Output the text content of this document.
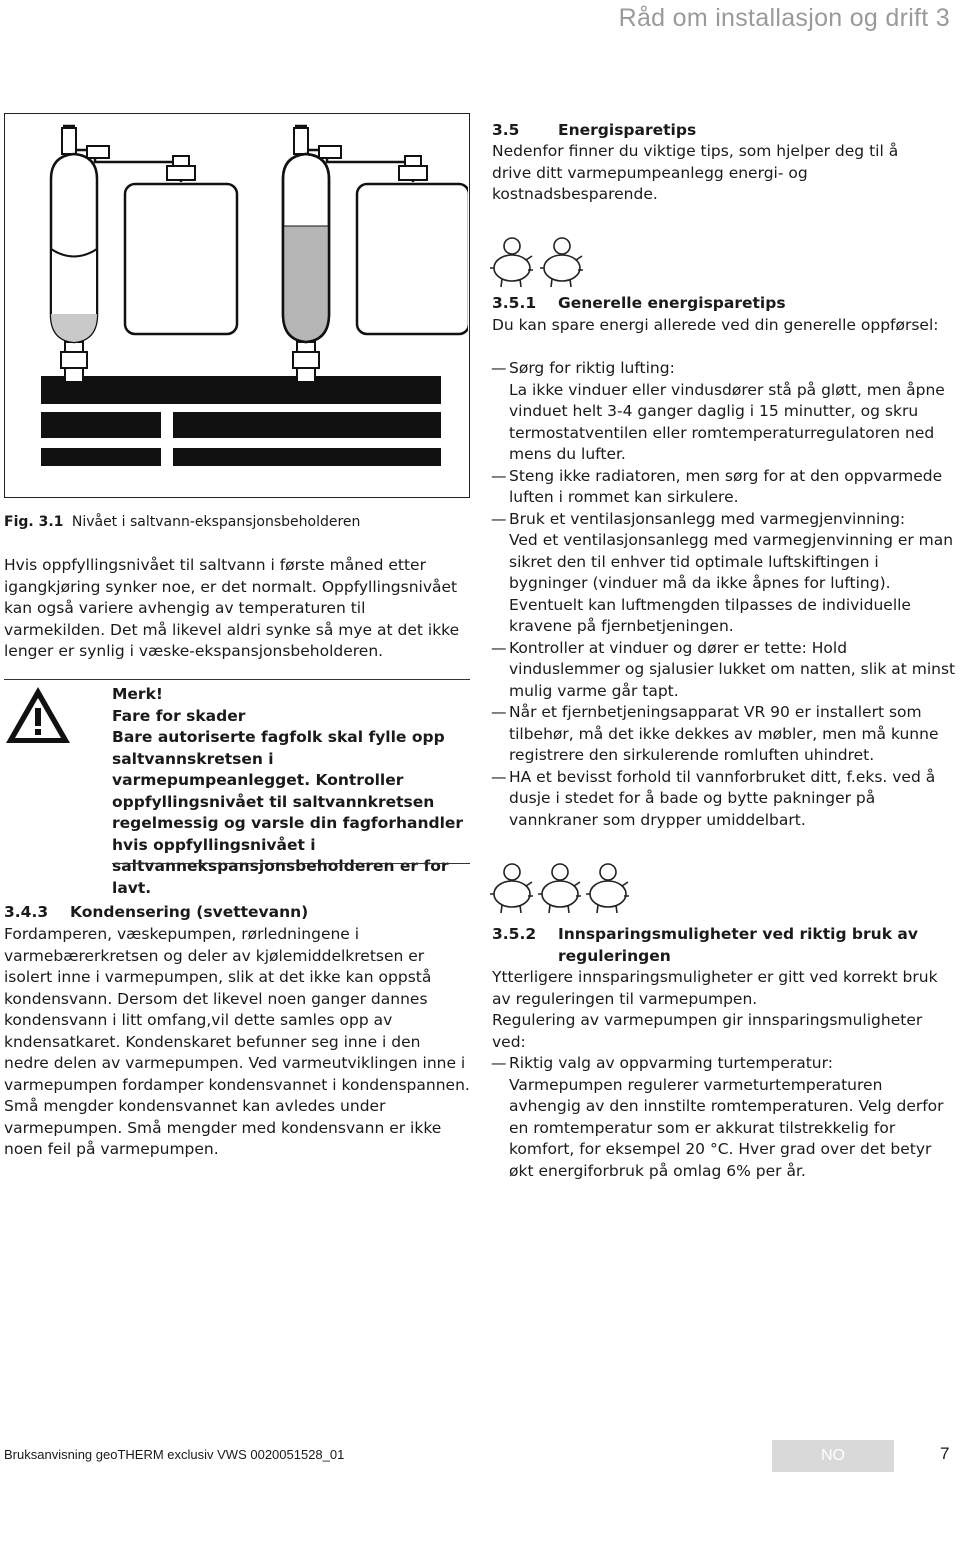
Råd om installasjon og drift 3

Fig. 3.1 Nivået i saltvann-ekspansjonsbeholderen

Hvis oppfyllingsnivået til saltvann i første måned etter igangkjøring synker noe, er det normalt. Oppfyllingsnivået kan også variere avhengig av temperaturen til varmekilden. Det må likevel aldri synke så mye at det ikke lenger er synlig i væske-ekspansjonsbeholderen.

Merk!

Fare for skader

Bare autoriserte fagfolk skal fylle opp saltvannskretsen i varmepumpeanlegget. Kontroller oppfyllingsnivået til saltvannkretsen regelmessig og varsle din fagforhandler hvis oppfyllingsnivået i saltvannekspansjonsbeholderen er for lavt.

3.4.3 Kondensering (svettevann)

Fordamperen, væskepumpen, rørledningene i varmebærerkretsen og deler av kjølemiddelkretsen er isolert inne i varmepumpen, slik at det ikke kan oppstå kondensvann. Dersom det likevel noen ganger dannes kondensvann i litt omfang,vil dette samles opp av kndensatkaret. Kondenskaret befunner seg inne i den nedre delen av varmepumpen. Ved varmeutviklingen inne i varmepumpen fordamper kondensvannet i kondenspannen. Små mengder kondensvannet kan avledes under varmepumpen. Små mengder med kondensvann er ikke noen feil på varmepumpen.

3.5 Energisparetips

Nedenfor finner du viktige tips, som hjelper deg til å drive ditt varmepumpeanlegg energi- og kostnadsbesparende.

3.5.1 Generelle energisparetips

Du kan spare energi allerede ved din generelle oppførsel:

— Sørg for riktig lufting:
La ikke vinduer eller vindusdører stå på gløtt, men åpne vinduet helt 3-4 ganger daglig i 15 minutter, og skru termostatventilen eller romtemperaturregulatoren ned mens du lufter.
— Steng ikke radiatoren, men sørg for at den oppvarmede luften i rommet kan sirkulere.
— Bruk et ventilasjonsanlegg med varmegjenvinning:
Ved et ventilasjonsanlegg med varmegjenvinning er man sikret den til enhver tid optimale luftskiftingen i bygninger (vinduer må da ikke åpnes for lufting). Eventuelt kan luftmengden tilpasses de individuelle kravene på fjernbetjeningen.
— Kontroller at vinduer og dører er tette: Hold vinduslemmer og sjalusier lukket om natten, slik at minst mulig varme går tapt.
— Når et fjernbetjeningsapparat VR 90 er installert som tilbehør, må det ikke dekkes av møbler, men må kunne registrere den sirkulerende romluften uhindret.
— HA et bevisst forhold til vannforbruket ditt, f.eks. ved å dusje i stedet for å bade og bytte pakninger på vannkraner som drypper umiddelbart.
3.5.2	Innsparingsmuligheter ved riktig bruk av reguleringen

Ytterligere innsparingsmuligheter er gitt ved korrekt bruk av reguleringen til varmepumpen.

Regulering av varmepumpen gir innsparingsmuligheter ved:

— Riktig valg av oppvarming turtemperatur:
Varmepumpen regulerer varmeturtemperaturen avhengig av den innstilte romtemperaturen. Velg derfor en romtemperatur som er akkurat tilstrekkelig for komfort, for eksempel 20 °C. Hver grad over det betyr økt energiforbruk på omlag 6% per år.
Bruksanvisning geoTHERM exclusiv VWS 0020051528_01	NO	7
